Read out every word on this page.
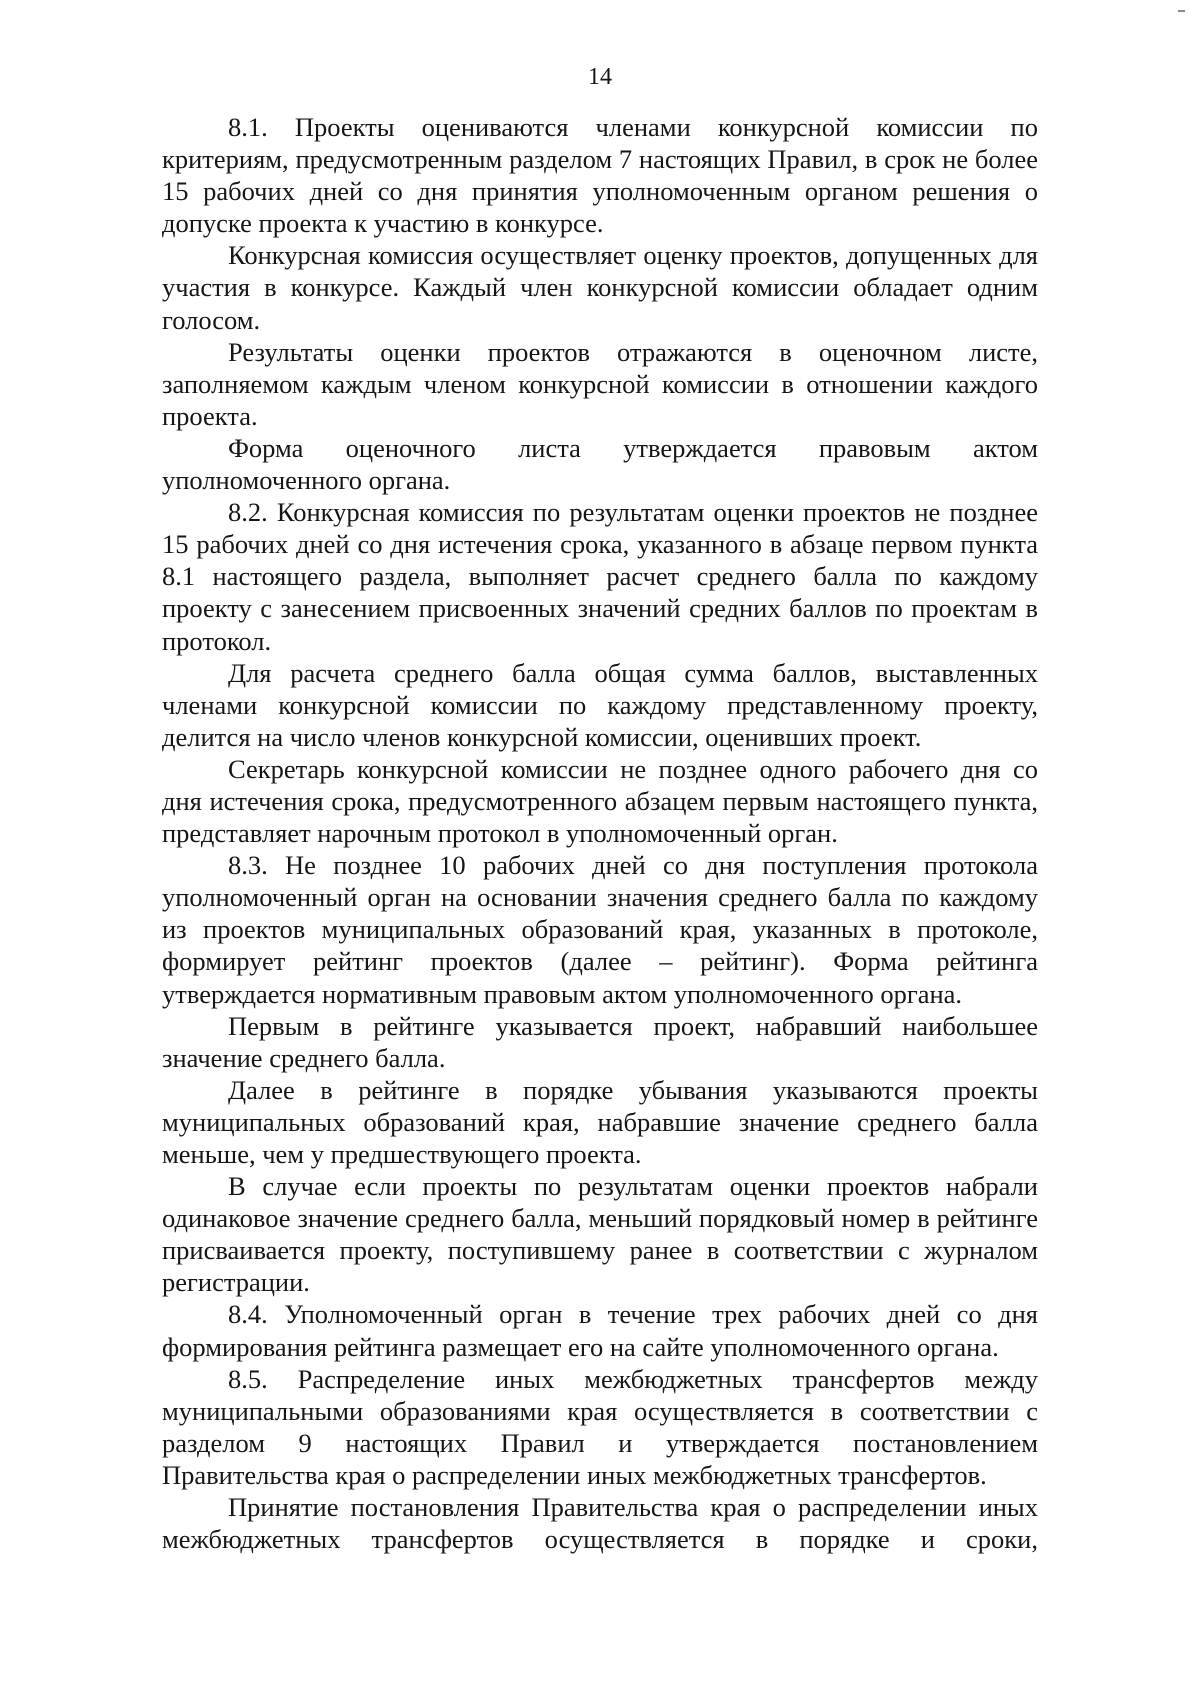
14

8.1. Проекты оцениваются членами конкурсной комиссии по критериям, предусмотренным разделом 7 настоящих Правил, в срок не более 15 рабочих дней со дня принятия уполномоченным органом решения о допуске проекта к участию в конкурсе.

Конкурсная комиссия осуществляет оценку проектов, допущенных для участия в конкурсе. Каждый член конкурсной комиссии обладает одним голосом.

Результаты оценки проектов отражаются в оценочном листе, заполняемом каждым членом конкурсной комиссии в отношении каждого проекта.

Форма оценочного листа утверждается правовым актом уполномоченного органа.

8.2. Конкурсная комиссия по результатам оценки проектов не позднее 15 рабочих дней со дня истечения срока, указанного в абзаце первом пункта 8.1 настоящего раздела, выполняет расчет среднего балла по каждому проекту с занесением присвоенных значений средних баллов по проектам в протокол.

Для расчета среднего балла общая сумма баллов, выставленных членами конкурсной комиссии по каждому представленному проекту, делится на число членов конкурсной комиссии, оценивших проект.

Секретарь конкурсной комиссии не позднее одного рабочего дня со дня истечения срока, предусмотренного абзацем первым настоящего пункта, представляет нарочным протокол в уполномоченный орган.

8.3. Не позднее 10 рабочих дней со дня поступления протокола уполномоченный орган на основании значения среднего балла по каждому из проектов муниципальных образований края, указанных в протоколе, формирует рейтинг проектов (далее – рейтинг). Форма рейтинга утверждается нормативным правовым актом уполномоченного органа.

Первым в рейтинге указывается проект, набравший наибольшее значение среднего балла.

Далее в рейтинге в порядке убывания указываются проекты муниципальных образований края, набравшие значение среднего балла меньше, чем у предшествующего проекта.

В случае если проекты по результатам оценки проектов набрали одинаковое значение среднего балла, меньший порядковый номер в рейтинге присваивается проекту, поступившему ранее в соответствии с журналом регистрации.

8.4. Уполномоченный орган в течение трех рабочих дней со дня формирования рейтинга размещает его на сайте уполномоченного органа.

8.5. Распределение иных межбюджетных трансфертов между муниципальными образованиями края осуществляется в соответствии с разделом 9 настоящих Правил и утверждается постановлением Правительства края о распределении иных межбюджетных трансфертов.

Принятие постановления Правительства края о распределении иных межбюджетных трансфертов осуществляется в порядке и сроки,
